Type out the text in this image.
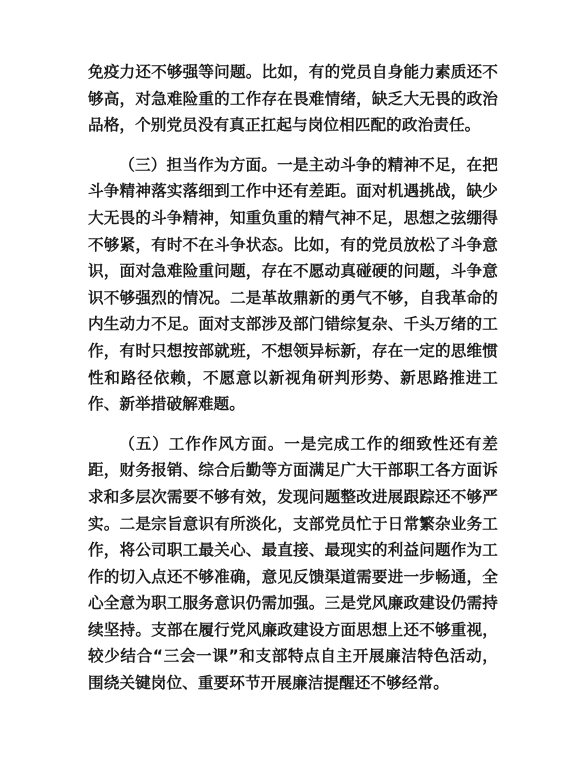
免疫力还不够强等问题。比如，有的党员自身能力素质还不够高，对急难险重的工作存在畏难情绪，缺乏大无畏的政治品格，个别党员没有真正扛起与岗位相匹配的政治责任。

（三）担当作为方面。一是主动斗争的精神不足，在把斗争精神落实落细到工作中还有差距。面对机遇挑战，缺少大无畏的斗争精神，知重负重的精气神不足，思想之弦绷得不够紧，有时不在斗争状态。比如，有的党员放松了斗争意识，面对急难险重问题，存在不愿动真碰硬的问题，斗争意识不够强烈的情况。二是革故鼎新的勇气不够，自我革命的内生动力不足。面对支部涉及部门错综复杂、千头万绪的工作，有时只想按部就班，不想领异标新，存在一定的思维惯性和路径依赖，不愿意以新视角研判形势、新思路推进工作、新举措破解难题。

（五）工作作风方面。一是完成工作的细致性还有差距，财务报销、综合后勤等方面满足广大干部职工各方面诉求和多层次需要不够有效，发现问题整改进展跟踪还不够严实。二是宗旨意识有所淡化，支部党员忙于日常繁杂业务工作，将公司职工最关心、最直接、最现实的利益问题作为工作的切入点还不够准确，意见反馈渠道需要进一步畅通，全心全意为职工服务意识仍需加强。三是党风廉政建设仍需持续坚持。支部在履行党风廉政建设方面思想上还不够重视，较少结合“三会一课”和支部特点自主开展廉洁特色活动，围绕关键岗位、重要环节开展廉洁提醒还不够经常。
